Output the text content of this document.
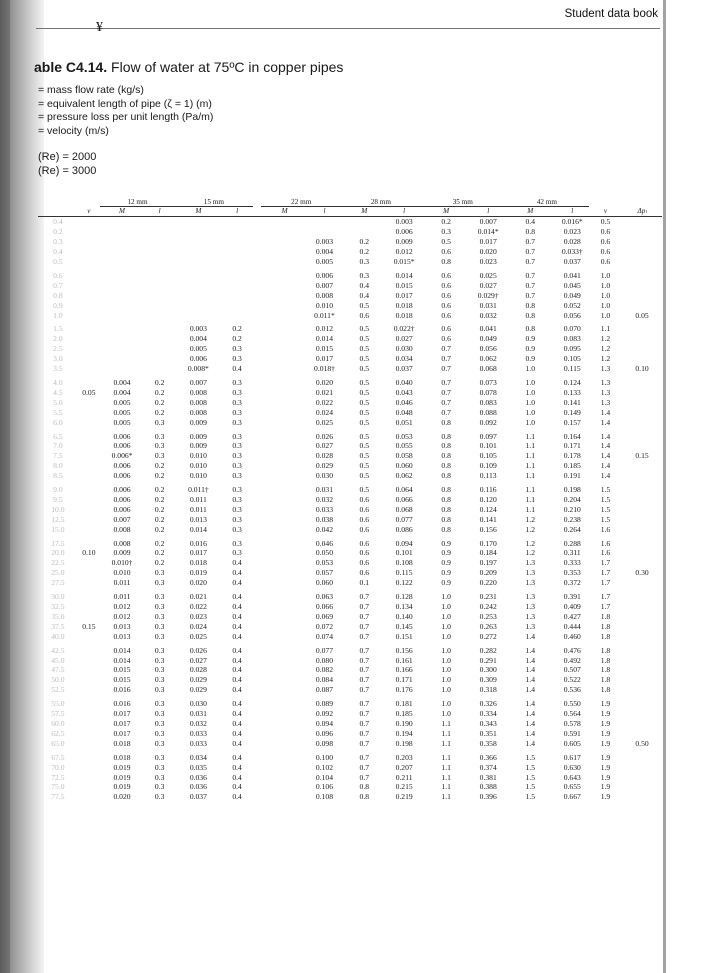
Student data book
¥
able C4.14. Flow of water at 75ºC in copper pipes
= mass flow rate (kg/s)
= equivalent length of pipe (ζ = 1) (m)
= pressure loss per unit length (Pa/m)
= velocity (m/s)
(Re) = 2000
(Re) = 3000
		12 mm		15 mm			22 mm		28 mm		35 mm		42 mm			
	v	M	l	M	l		M	l	M	l	M	l	M	l	v	Δpₗ
0.4										0.003	0.2	0.007	0.4	0.016*	0.5	
0.2										0.006	0.3	0.014*	0.8	0.023	0.6	
0.3								0.003	0.2	0.009	0.5	0.017	0.7	0.028	0.6	
0.4								0.004	0.2	0.012	0.6	0.020	0.7	0.033†	0.6	
0.5								0.005	0.3	0.015*	0.8	0.023	0.7	0.037	0.6	

0.6								0.006	0.3	0.014	0.6	0.025	0.7	0.041	1.0	
0.7								0.007	0.4	0.015	0.6	0.027	0.7	0.045	1.0	
0.8								0.008	0.4	0.017	0.6	0.029†	0.7	0.049	1.0	
0.9								0.010	0.5	0.018	0.6	0.031	0.8	0.052	1.0	
1.0								0.011*	0.6	0.018	0.6	0.032	0.8	0.056	1.0	0.05

1.5				0.003	0.2			0.012	0.5	0.022†	0.6	0.041	0.8	0.070	1.1	
2.0				0.004	0.2			0.014	0.5	0.027	0.6	0.049	0.9	0.083	1.2	
2.5				0.005	0.3			0.015	0.5	0.030	0.7	0.056	0.9	0.095	1.2	
3.0				0.006	0.3			0.017	0.5	0.034	0.7	0.062	0.9	0.105	1.2	
3.5				0.008*	0.4			0.018†	0.5	0.037	0.7	0.068	1.0	0.115	1.3	0.10

4.0		0.004	0.2	0.007	0.3			0.020	0.5	0.040	0.7	0.073	1.0	0.124	1.3	
4.5	0.05	0.004	0.2	0.008	0.3			0.021	0.5	0.043	0.7	0.078	1.0	0.133	1.3	
5.0		0.005	0.2	0.008	0.3			0.022	0.5	0.046	0.7	0.083	1.0	0.141	1.3	
5.5		0.005	0.2	0.008	0.3			0.024	0.5	0.048	0.7	0.088	1.0	0.149	1.4	
6.0		0.005	0.3	0.009	0.3			0.025	0.5	0.051	0.8	0.092	1.0	0.157	1.4	

6.5		0.006	0.3	0.009	0.3			0.026	0.5	0.053	0.8	0.097	1.1	0.164	1.4	
7.0		0.006	0.3	0.009	0.3			0.027	0.5	0.055	0.8	0.101	1.1	0.171	1.4	
7.5		0.006*	0.3	0.010	0.3			0.028	0.5	0.058	0.8	0.105	1.1	0.178	1.4	0.15
8.0		0.006	0.2	0.010	0.3			0.029	0.5	0.060	0.8	0.109	1.1	0.185	1.4	
8.5		0.006	0.2	0.010	0.3			0.030	0.5	0.062	0.8	0.113	1.1	0.191	1.4	

9.0		0.006	0.2	0.011†	0.3			0.031	0.5	0.064	0.8	0.116	1.1	0.198	1.5	
9.5		0.006	0.2	0.011	0.3			0.032	0.6	0.066	0.8	0.120	1.1	0.204	1.5	
10.0		0.006	0.2	0.011	0.3			0.033	0.6	0.068	0.8	0.124	1.1	0.210	1.5	
12.5		0.007	0.2	0.013	0.3			0.038	0.6	0.077	0.8	0.141	1.2	0.238	1.5	
15.0		0.008	0.2	0.014	0.3			0.042	0.6	0.086	0.8	0.156	1.2	0.264	1.6	

17.5		0.008	0.2	0.016	0.3			0.046	0.6	0.094	0.9	0.170	1.2	0.288	1.6	
20.0	0.10	0.009	0.2	0.017	0.3			0.050	0.6	0.101	0.9	0.184	1.2	0.311	1.6	
22.5		0.010†	0.2	0.018	0.4			0.053	0.6	0.108	0.9	0.197	1.3	0.333	1.7	
25.0		0.010	0.3	0.019	0.4			0.057	0.6	0.115	0.9	0.209	1.3	0.353	1.7	0.30
27.5		0.011	0.3	0.020	0.4			0.060	0.1	0.122	0.9	0.220	1.3	0.372	1.7	

30.0		0.011	0.3	0.021	0.4			0.063	0.7	0.128	1.0	0.231	1.3	0.391	1.7	
32.5		0.012	0.3	0.022	0.4			0.066	0.7	0.134	1.0	0.242	1.3	0.409	1.7	
35.0		0.012	0.3	0.023	0.4			0.069	0.7	0.140	1.0	0.253	1.3	0.427	1.8	
37.5	0.15	0.013	0.3	0.024	0.4			0.072	0.7	0.145	1.0	0.263	1.3	0.444	1.8	
40.0		0.013	0.3	0.025	0.4			0.074	0.7	0.151	1.0	0.272	1.4	0.460	1.8	

42.5		0.014	0.3	0.026	0.4			0.077	0.7	0.156	1.0	0.282	1.4	0.476	1.8	
45.0		0.014	0.3	0.027	0.4			0.080	0.7	0.161	1.0	0.291	1.4	0.492	1.8	
47.5		0.015	0.3	0.028	0.4			0.082	0.7	0.166	1.0	0.300	1.4	0.507	1.8	
50.0		0.015	0.3	0.029	0.4			0.084	0.7	0.171	1.0	0.309	1.4	0.522	1.8	
52.5		0.016	0.3	0.029	0.4			0.087	0.7	0.176	1.0	0.318	1.4	0.536	1.8	

55.0		0.016	0.3	0.030	0.4			0.089	0.7	0.181	1.0	0.326	1.4	0.550	1.9	
57.5		0.017	0.3	0.031	0.4			0.092	0.7	0.185	1.0	0.334	1.4	0.564	1.9	
60.0		0.017	0.3	0.032	0.4			0.094	0.7	0.190	1.1	0.343	1.4	0.578	1.9	
62.5		0.017	0.3	0.033	0.4			0.096	0.7	0.194	1.1	0.351	1.4	0.591	1.9	
65.0		0.018	0.3	0.033	0.4			0.098	0.7	0.198	1.1	0.358	1.4	0.605	1.9	0.50

67.5		0.018	0.3	0.034	0.4			0.100	0.7	0.203	1.1	0.366	1.5	0.617	1.9	
70.0		0.019	0.3	0.035	0.4			0.102	0.7	0.207	1.1	0.374	1.5	0.630	1.9	
72.5		0.019	0.3	0.036	0.4			0.104	0.7	0.211	1.1	0.381	1.5	0.643	1.9	
75.0		0.019	0.3	0.036	0.4			0.106	0.8	0.215	1.1	0.388	1.5	0.655	1.9	
77.5		0.020	0.3	0.037	0.4			0.108	0.8	0.219	1.1	0.396	1.5	0.667	1.9	
